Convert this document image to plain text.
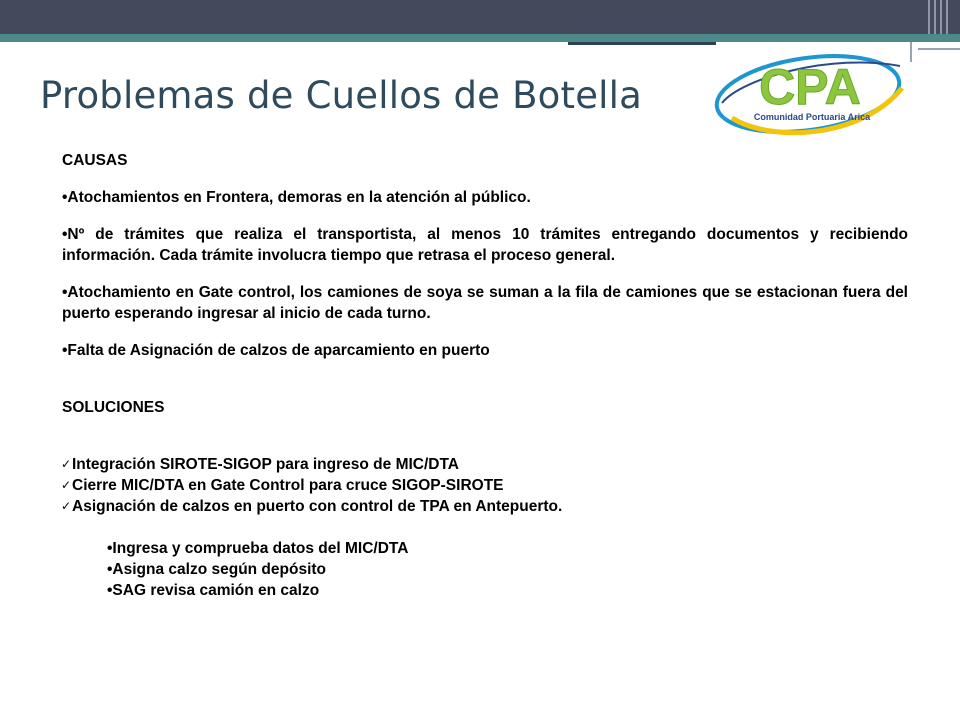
Problemas de Cuellos de Botella CPA
Comunidad Portuaria Arica

CAUSAS

•Atochamientos en Frontera, demoras en la atención al público.

•Nº de trámites que realiza el transportista, al menos 10 trámites entregando documentos y recibiendo información. Cada trámite involucra tiempo que retrasa el proceso general.

•Atochamiento en Gate control, los camiones de soya se suman a la fila de camiones que se estacionan fuera del puerto esperando ingresar al inicio de cada turno.

•Falta de Asignación de calzos de aparcamiento en puerto

SOLUCIONES

✓ Integración SIROTE-SIGOP para ingreso de MIC/DTA
✓ Cierre MIC/DTA en Gate Control para cruce SIGOP-SIROTE
✓ Asignación de calzos en puerto con control de TPA en Antepuerto.
•Ingresa y comprueba datos del MIC/DTA
•Asigna calzo según depósito
•SAG revisa camión en calzo
